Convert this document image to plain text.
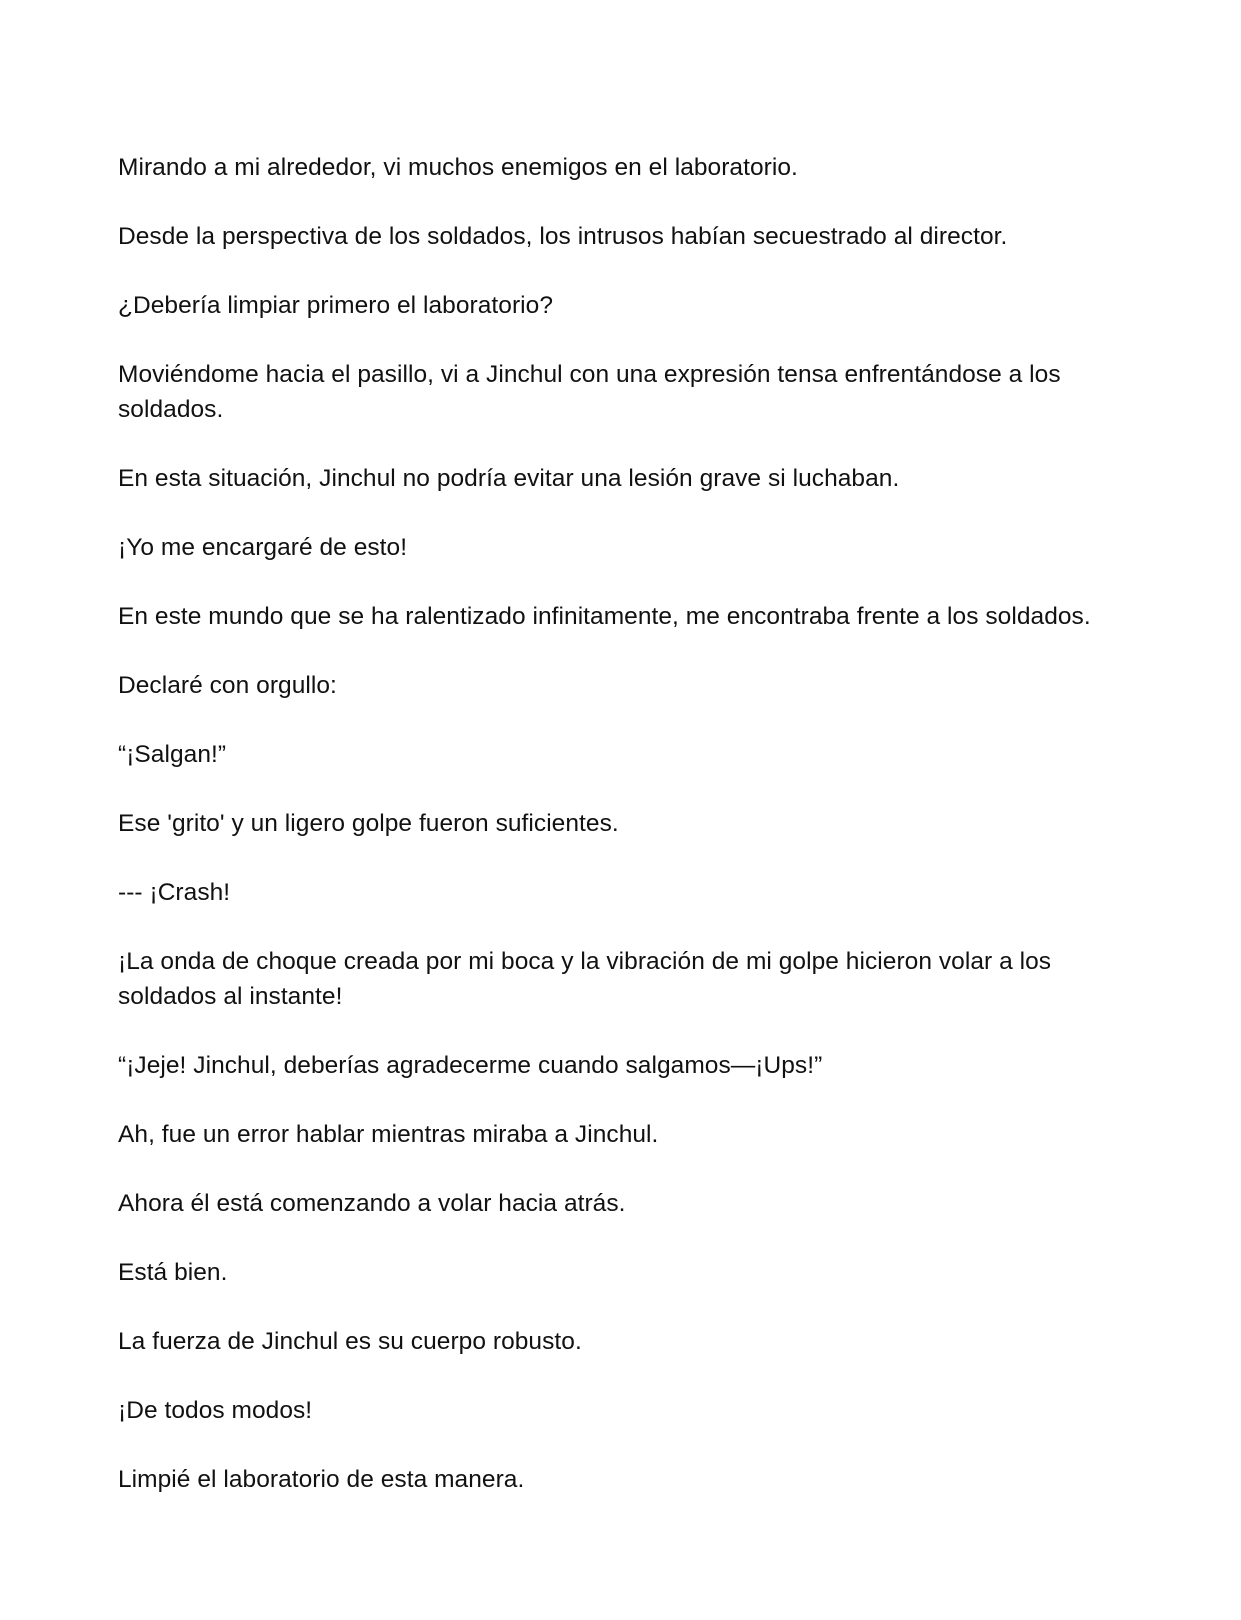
Mirando a mi alrededor, vi muchos enemigos en el laboratorio.

Desde la perspectiva de los soldados, los intrusos habían secuestrado al director.

¿Debería limpiar primero el laboratorio?

Moviéndome hacia el pasillo, vi a Jinchul con una expresión tensa enfrentándose a los soldados.

En esta situación, Jinchul no podría evitar una lesión grave si luchaban.

¡Yo me encargaré de esto!

En este mundo que se ha ralentizado infinitamente, me encontraba frente a los soldados.

Declaré con orgullo:

“¡Salgan!”

Ese 'grito' y un ligero golpe fueron suficientes.

--- ¡Crash!

¡La onda de choque creada por mi boca y la vibración de mi golpe hicieron volar a los soldados al instante!

“¡Jeje! Jinchul, deberías agradecerme cuando salgamos—¡Ups!”

Ah, fue un error hablar mientras miraba a Jinchul.

Ahora él está comenzando a volar hacia atrás.

Está bien.

La fuerza de Jinchul es su cuerpo robusto.

¡De todos modos!

Limpié el laboratorio de esta manera.
